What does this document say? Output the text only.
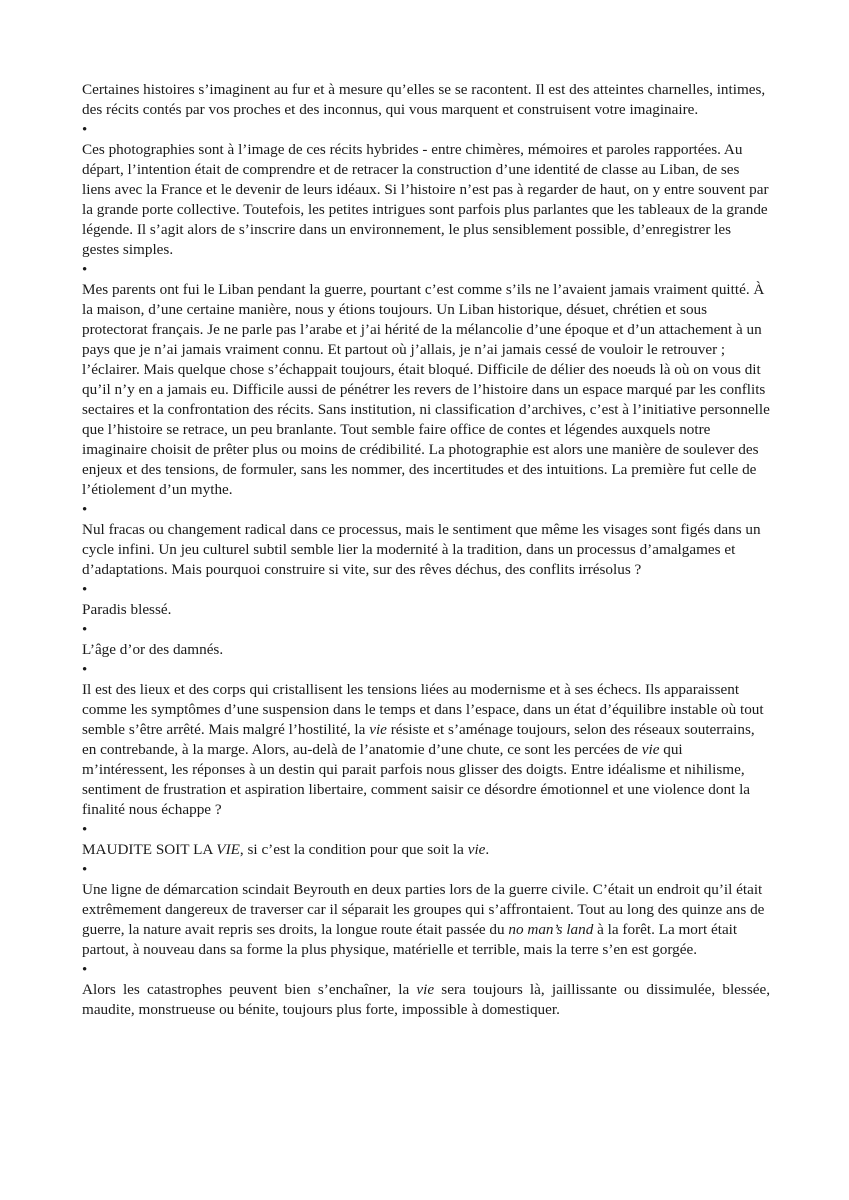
Certaines histoires s’imaginent au fur et à mesure qu’elles se se racontent. Il est des atteintes charnelles, intimes, des récits contés par vos proches et des inconnus, qui vous marquent et construisent votre imaginaire.

•

Ces photographies sont à l’image de ces récits hybrides - entre chimères, mémoires et paroles rapportées. Au départ, l’intention était de comprendre et de retracer la construction d’une identité de classe au Liban, de ses liens avec la France et le devenir de leurs idéaux. Si l’histoire n’est pas à regarder de haut, on y entre souvent par la grande porte collective. Toutefois, les petites intrigues sont parfois plus parlantes que les tableaux de la grande légende. Il s’agit alors de s’inscrire dans un environnement, le plus sensiblement possible, d’enregistrer les gestes simples.

•

Mes parents ont fui le Liban pendant la guerre, pourtant c’est comme s’ils ne l’avaient jamais vraiment quitté. À la maison, d’une certaine manière, nous y étions toujours. Un Liban historique, désuet, chrétien et sous protectorat français. Je ne parle pas l’arabe et j’ai hérité de la mélancolie d’une époque et d’un attachement à un pays que je n’ai jamais vraiment connu. Et partout où j’allais, je n’ai jamais cessé de vouloir le retrouver ; l’éclairer. Mais quelque chose s’échappait toujours, était bloqué. Difficile de délier des noeuds là où on vous dit qu’il n’y en a jamais eu. Difficile aussi de pénétrer les revers de l’histoire dans un espace marqué par les conflits sectaires et la confrontation des récits. Sans institution, ni classification d’archives, c’est à l’initiative personnelle que l’histoire se retrace, un peu branlante. Tout semble faire office de contes et légendes auxquels notre imaginaire choisit de prêter plus ou moins de crédibilité. La photographie est alors une manière de soulever des enjeux et des tensions, de formuler, sans les nommer, des incertitudes et des intuitions. La première fut celle de l’étiolement d’un mythe.

•

Nul fracas ou changement radical dans ce processus, mais le sentiment que même les visages sont figés dans un cycle infini. Un jeu culturel subtil semble lier la modernité à la tradition, dans un processus d’amalgames et d’adaptations. Mais pourquoi construire si vite, sur des rêves déchus, des conflits irrésolus ?

•

Paradis blessé.

•

L’âge d’or des damnés.

•

Il est des lieux et des corps qui cristallisent les tensions liées au modernisme et à ses échecs. Ils apparaissent comme les symptômes d’une suspension dans le temps et dans l’espace, dans un état d’équilibre instable où tout semble s’être arrêté. Mais malgré l’hostilité, la vie résiste et s’aménage toujours, selon des réseaux souterrains, en contrebande, à la marge. Alors, au-delà de l’anatomie d’une chute, ce sont les percées de vie qui m’intéressent, les réponses à un destin qui parait parfois nous glisser des doigts. Entre idéalisme et nihilisme, sentiment de frustration et aspiration libertaire, comment saisir ce désordre émotionnel et une violence dont la finalité nous échappe ?

•

MAUDITE SOIT LA VIE, si c’est la condition pour que soit la vie.

•

Une ligne de démarcation scindait Beyrouth en deux parties lors de la guerre civile. C’était un endroit qu’il était extrêmement dangereux de traverser car il séparait les groupes qui s’affrontaient. Tout au long des quinze ans de guerre, la nature avait repris ses droits, la longue route était passée du no man’s land à la forêt. La mort était partout, à nouveau dans sa forme la plus physique, matérielle et terrible, mais la terre s’en est gorgée.

•

Alors les catastrophes peuvent bien s’enchaîner, la vie sera toujours là, jaillissante ou dissimulée, blessée, maudite, monstrueuse ou bénite, toujours plus forte, impossible à domestiquer.
